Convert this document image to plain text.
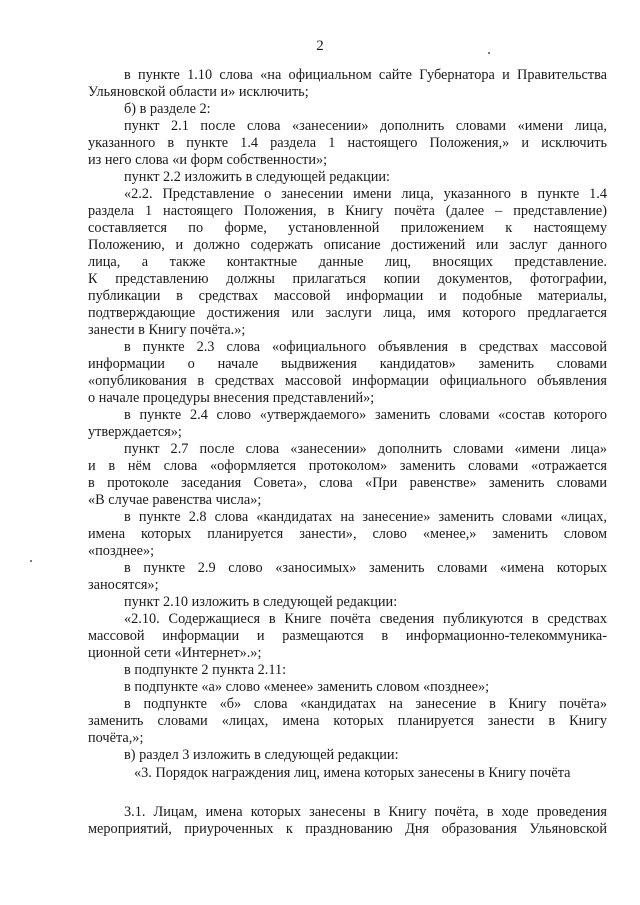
2
в пункте 1.10 слова «на официальном сайте Губернатора и Правительства
Ульяновской области и» исключить;
б) в разделе 2:
пункт 2.1 после слова «занесении» дополнить словами «имени лица,
указанного в пункте 1.4 раздела 1 настоящего Положения,» и исключить
из него слова «и форм собственности»;
пункт 2.2 изложить в следующей редакции:
«2.2. Представление о занесении имени лица, указанного в пункте 1.4
раздела 1 настоящего Положения, в Книгу почёта (далее – представление)
составляется по форме, установленной приложением к настоящему
Положению, и должно содержать описание достижений или заслуг данного
лица, а также контактные данные лиц, вносящих представление.
К представлению должны прилагаться копии документов, фотографии,
публикации в средствах массовой информации и подобные материалы,
подтверждающие достижения или заслуги лица, имя которого предлагается
занести в Книгу почёта.»;
в пункте 2.3 слова «официального объявления в средствах массовой
информации о начале выдвижения кандидатов» заменить словами
«опубликования в средствах массовой информации официального объявления
о начале процедуры внесения представлений»;
в пункте 2.4 слово «утверждаемого» заменить словами «состав которого
утверждается»;
пункт 2.7 после слова «занесении» дополнить словами «имени лица»
и в нём слова «оформляется протоколом» заменить словами «отражается
в протоколе заседания Совета», слова «При равенстве» заменить словами
«В случае равенства числа»;
в пункте 2.8 слова «кандидатах на занесение» заменить словами «лицах,
имена которых планируется занести», слово «менее,» заменить словом
«позднее»;
в пункте 2.9 слово «заносимых» заменить словами «имена которых
заносятся»;
пункт 2.10 изложить в следующей редакции:
«2.10. Содержащиеся в Книге почёта сведения публикуются в средствах
массовой информации и размещаются в информационно-телекоммуника-
ционной сети «Интернет».»;
в подпункте 2 пункта 2.11:
в подпункте «а» слово «менее» заменить словом «позднее»;
в подпункте «б» слова «кандидатах на занесение в Книгу почёта»
заменить словами «лицах, имена которых планируется занести в Книгу
почёта,»;
в) раздел 3 изложить в следующей редакции:
«3. Порядок награждения лиц, имена которых занесены в Книгу почёта
3.1. Лицам, имена которых занесены в Книгу почёта, в ходе проведения
мероприятий, приуроченных к празднованию Дня образования Ульяновской
